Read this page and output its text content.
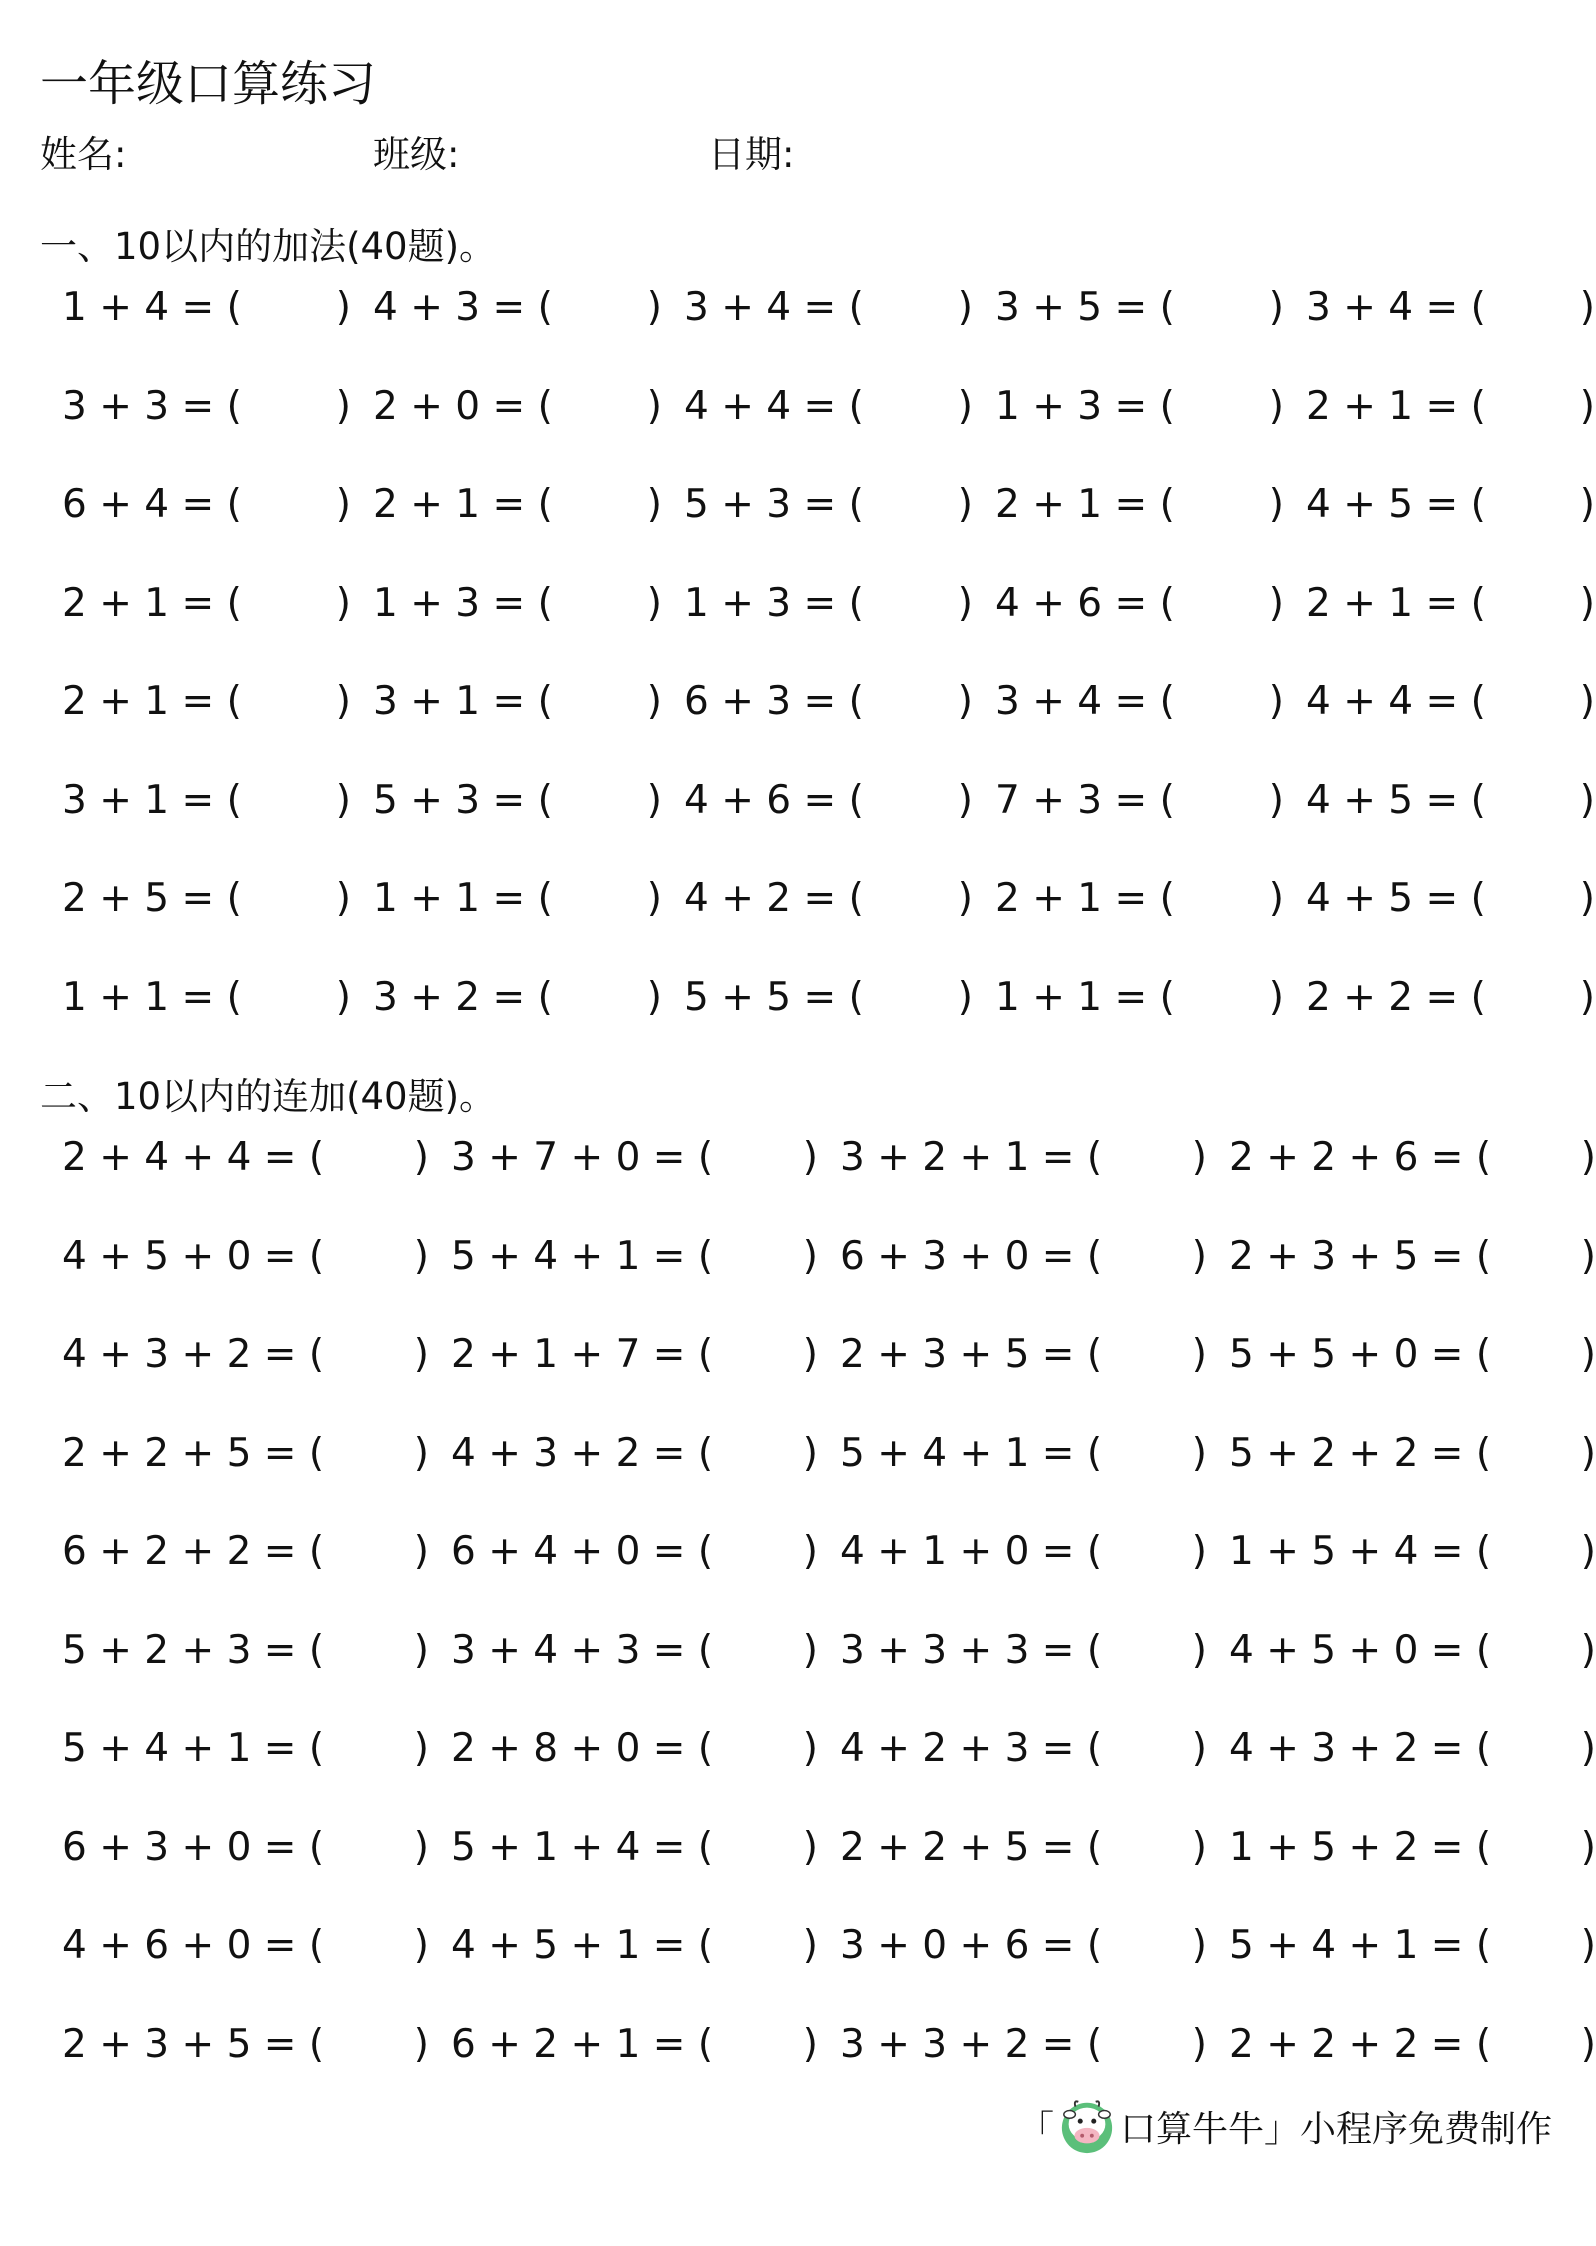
一年级口算练习
姓名:	班级:	日期:
一、10以内的加法(40题)。
1 + 4 = ( ) 4 + 3 = ( ) 3 + 4 = ( ) 3 + 5 = ( ) 3 + 4 = ( )
3 + 3 = ( ) 2 + 0 = ( ) 4 + 4 = ( ) 1 + 3 = ( ) 2 + 1 = ( )
6 + 4 = ( ) 2 + 1 = ( ) 5 + 3 = ( ) 2 + 1 = ( ) 4 + 5 = ( )
2 + 1 = ( ) 1 + 3 = ( ) 1 + 3 = ( ) 4 + 6 = ( ) 2 + 1 = ( )
2 + 1 = ( ) 3 + 1 = ( ) 6 + 3 = ( ) 3 + 4 = ( ) 4 + 4 = ( )
3 + 1 = ( ) 5 + 3 = ( ) 4 + 6 = ( ) 7 + 3 = ( ) 4 + 5 = ( )
2 + 5 = ( ) 1 + 1 = ( ) 4 + 2 = ( ) 2 + 1 = ( ) 4 + 5 = ( )
1 + 1 = ( ) 3 + 2 = ( ) 5 + 5 = ( ) 1 + 1 = ( ) 2 + 2 = ( )
二、10以内的连加(40题)。
2 + 4 + 4 = ( ) 3 + 7 + 0 = ( ) 3 + 2 + 1 = ( ) 2 + 2 + 6 = ( )
4 + 5 + 0 = ( ) 5 + 4 + 1 = ( ) 6 + 3 + 0 = ( ) 2 + 3 + 5 = ( )
4 + 3 + 2 = ( ) 2 + 1 + 7 = ( ) 2 + 3 + 5 = ( ) 5 + 5 + 0 = ( )
2 + 2 + 5 = ( ) 4 + 3 + 2 = ( ) 5 + 4 + 1 = ( ) 5 + 2 + 2 = ( )
6 + 2 + 2 = ( ) 6 + 4 + 0 = ( ) 4 + 1 + 0 = ( ) 1 + 5 + 4 = ( )
5 + 2 + 3 = ( ) 3 + 4 + 3 = ( ) 3 + 3 + 3 = ( ) 4 + 5 + 0 = ( )
5 + 4 + 1 = ( ) 2 + 8 + 0 = ( ) 4 + 2 + 3 = ( ) 4 + 3 + 2 = ( )
6 + 3 + 0 = ( ) 5 + 1 + 4 = ( ) 2 + 2 + 5 = ( ) 1 + 5 + 2 = ( )
4 + 6 + 0 = ( ) 4 + 5 + 1 = ( ) 3 + 0 + 6 = ( ) 5 + 4 + 1 = ( )
2 + 3 + 5 = ( ) 6 + 2 + 1 = ( ) 3 + 3 + 2 = ( ) 2 + 2 + 2 = ( )
「 口算牛牛 」小程序免费制作
